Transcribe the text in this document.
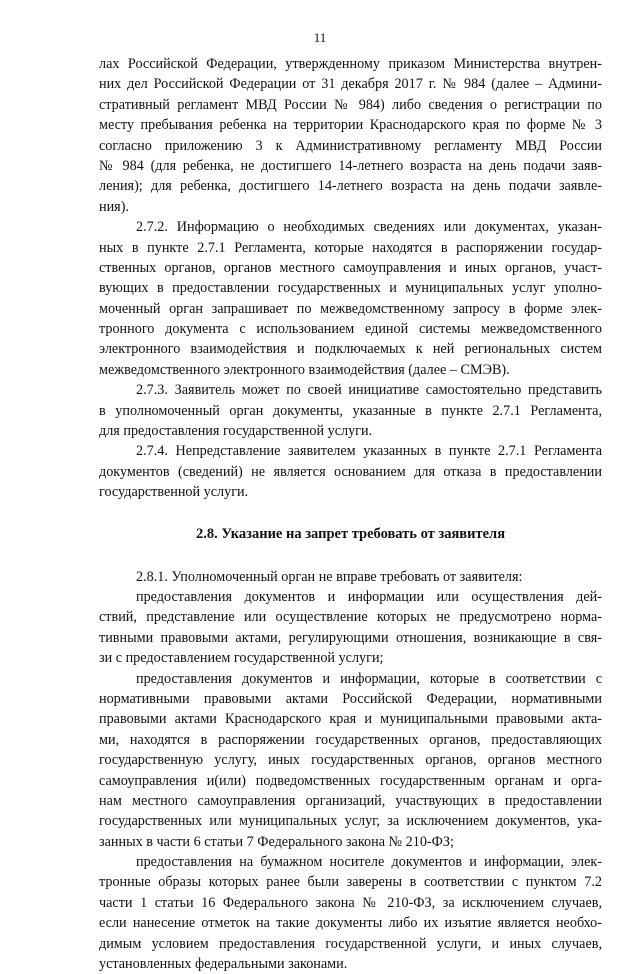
11
лах Российской Федерации, утвержденному приказом Министерства внутрен-
них дел Российской Федерации от 31 декабря 2017 г. № 984 (далее – Админи-
стративный регламент МВД России № 984) либо сведения о регистрации по
месту пребывания ребенка на территории Краснодарского края по форме № 3
согласно приложению 3 к Административному регламенту МВД России
№ 984 (для ребенка, не достигшего 14-летнего возраста на день подачи заяв-
ления); для ребенка, достигшего 14-летнего возраста на день подачи заявле-
ния).
2.7.2. Информацию о необходимых сведениях или документах, указан-
ных в пункте 2.7.1 Регламента, которые находятся в распоряжении государ-
ственных органов, органов местного самоуправления и иных органов, участ-
вующих в предоставлении государственных и муниципальных услуг уполно-
моченный орган запрашивает по межведомственному запросу в форме элек-
тронного документа с использованием единой системы межведомственного
электронного взаимодействия и подключаемых к ней региональных систем
межведомственного электронного взаимодействия (далее – СМЭВ).
2.7.3. Заявитель может по своей инициативе самостоятельно представить
в уполномоченный орган документы, указанные в пункте 2.7.1 Регламента,
для предоставления государственной услуги.
2.7.4. Непредставление заявителем указанных в пункте 2.7.1 Регламента
документов (сведений) не является основанием для отказа в предоставлении
государственной услуги.
2.8. Указание на запрет требовать от заявителя
2.8.1. Уполномоченный орган не вправе требовать от заявителя:
предоставления документов и информации или осуществления дей-
ствий, представление или осуществление которых не предусмотрено норма-
тивными правовыми актами, регулирующими отношения, возникающие в свя-
зи с предоставлением государственной услуги;
предоставления документов и информации, которые в соответствии с
нормативными правовыми актами Российской Федерации, нормативными
правовыми актами Краснодарского края и муниципальными правовыми акта-
ми, находятся в распоряжении государственных органов, предоставляющих
государственную услугу, иных государственных органов, органов местного
самоуправления и(или) подведомственных государственным органам и орга-
нам местного самоуправления организаций, участвующих в предоставлении
государственных или муниципальных услуг, за исключением документов, ука-
занных в части 6 статьи 7 Федерального закона № 210-ФЗ;
предоставления на бумажном носителе документов и информации, элек-
тронные образы которых ранее были заверены в соответствии с пунктом 7.2
части 1 статьи 16 Федерального закона № 210-ФЗ, за исключением случаев,
если нанесение отметок на такие документы либо их изъятие является необхо-
димым условием предоставления государственной услуги, и иных случаев,
установленных федеральными законами.
